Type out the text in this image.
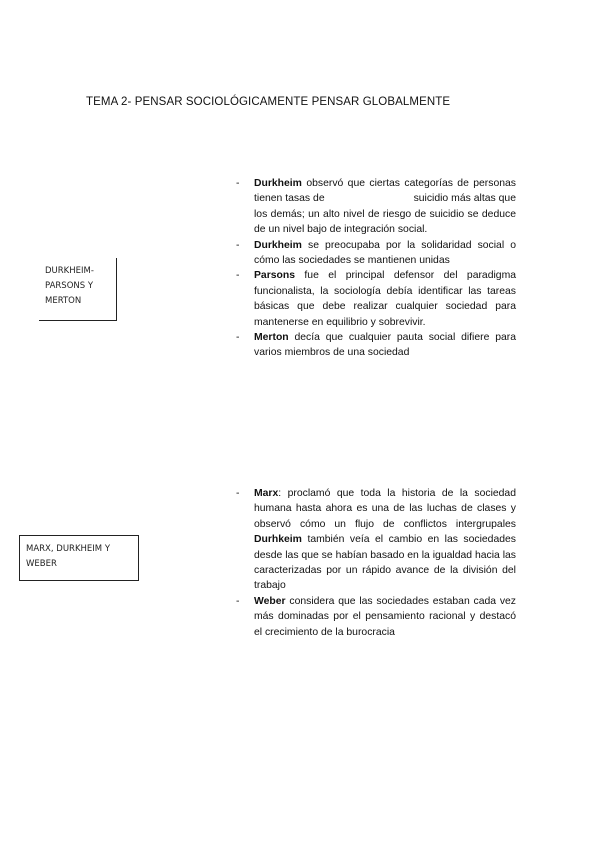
TEMA 2- PENSAR SOCIOLÓGICAMENTE PENSAR GLOBALMENTE
DURKHEIM-
PARSONS Y
MERTON
- Durkheim observó que ciertas categorías de personas tienen tasas de	suicidio más altas que los demás; un alto nivel de riesgo de suicidio se deduce de un nivel bajo de integración social.
- Durkheim se preocupaba por la solidaridad social o cómo las sociedades se mantienen unidas
- Parsons fue el principal defensor del paradigma funcionalista, la sociología debía identificar las tareas básicas que debe realizar cualquier sociedad para mantenerse en equilibrio y sobrevivir.
- Merton decía que cualquier pauta social difiere para varios miembros de una sociedad
MARX, DURKHEIM Y
WEBER
- Marx: proclamó que toda la historia de la sociedad humana hasta ahora es una de las luchas de clases y observó cómo un flujo de conflictos intergrupales Durhkeim también veía el cambio en las sociedades desde las que se habían basado en la igualdad hacia las caracterizadas por un rápido avance de la división del trabajo
- Weber considera que las sociedades estaban cada vez más dominadas por el pensamiento racional y destacó el crecimiento de la burocracia
